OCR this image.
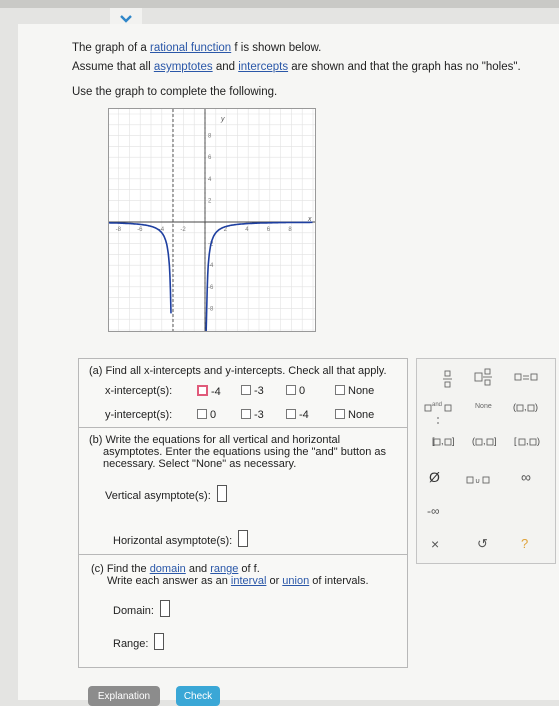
The graph of a rational function f is shown below.
Assume that all asymptotes and intercepts are shown and that the graph has no "holes".
Use the graph to complete the following.
-8	-6	-4	-2	2	4	6	8
8
6
4
2
-2
-4
-6
-8
y
x
(a) Find all x-intercepts and y-intercepts. Check all that apply.
x-intercept(s):	-4	-3	0	None
y-intercept(s):	0	-3	-4	None
(b) Write the equations for all vertical and horizontal
asymptotes. Enter the equations using the "and" button as
necessary. Select "None" as necessary.
Vertical asymptote(s):
Horizontal asymptote(s):
(c) Find the domain and range of f.
Write each answer as an interval or union of intervals.
Domain:
Range:
[ , ] ( , ] [ , )
( , )
∪
and	None
Ø	∞
-∞
×	↺	?
Explanation	Check
